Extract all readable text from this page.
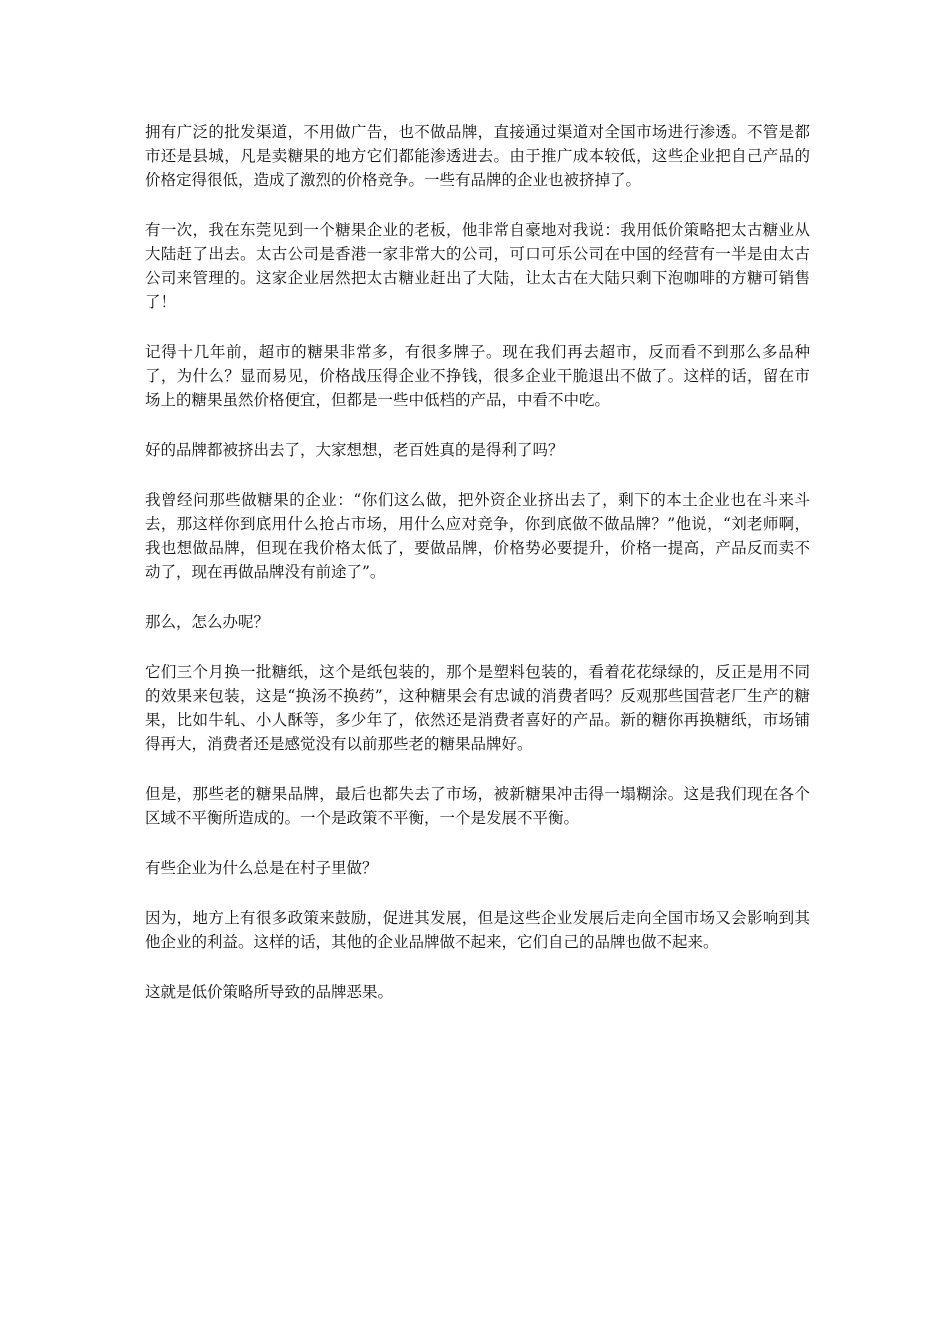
拥有广泛的批发渠道，不用做广告，也不做品牌，直接通过渠道对全国市场进行渗透。不管是都市还是县城，凡是卖糖果的地方它们都能渗透进去。由于推广成本较低，这些企业把自己产品的价格定得很低，造成了激烈的价格竞争。一些有品牌的企业也被挤掉了。

有一次，我在东莞见到一个糖果企业的老板，他非常自豪地对我说：我用低价策略把太古糖业从大陆赶了出去。太古公司是香港一家非常大的公司，可口可乐公司在中国的经营有一半是由太古公司来管理的。这家企业居然把太古糖业赶出了大陆，让太古在大陆只剩下泡咖啡的方糖可销售了！

记得十几年前，超市的糖果非常多，有很多牌子。现在我们再去超市，反而看不到那么多品种了，为什么？显而易见，价格战压得企业不挣钱，很多企业干脆退出不做了。这样的话，留在市场上的糖果虽然价格便宜，但都是一些中低档的产品，中看不中吃。

好的品牌都被挤出去了，大家想想，老百姓真的是得利了吗？

我曾经问那些做糖果的企业：“你们这么做，把外资企业挤出去了，剩下的本土企业也在斗来斗去，那这样你到底用什么抢占市场，用什么应对竞争，你到底做不做品牌？”他说，“刘老师啊，我也想做品牌，但现在我价格太低了，要做品牌，价格势必要提升，价格一提高，产品反而卖不动了，现在再做品牌没有前途了”。

那么，怎么办呢？

它们三个月换一批糖纸，这个是纸包装的，那个是塑料包装的，看着花花绿绿的，反正是用不同的效果来包装，这是“换汤不换药”，这种糖果会有忠诚的消费者吗？反观那些国营老厂生产的糖果，比如牛轧、小人酥等，多少年了，依然还是消费者喜好的产品。新的糖你再换糖纸，市场铺得再大，消费者还是感觉没有以前那些老的糖果品牌好。

但是，那些老的糖果品牌，最后也都失去了市场，被新糖果冲击得一塌糊涂。这是我们现在各个区域不平衡所造成的。一个是政策不平衡，一个是发展不平衡。

有些企业为什么总是在村子里做？

因为，地方上有很多政策来鼓励，促进其发展，但是这些企业发展后走向全国市场又会影响到其他企业的利益。这样的话，其他的企业品牌做不起来，它们自己的品牌也做不起来。

这就是低价策略所导致的品牌恶果。
